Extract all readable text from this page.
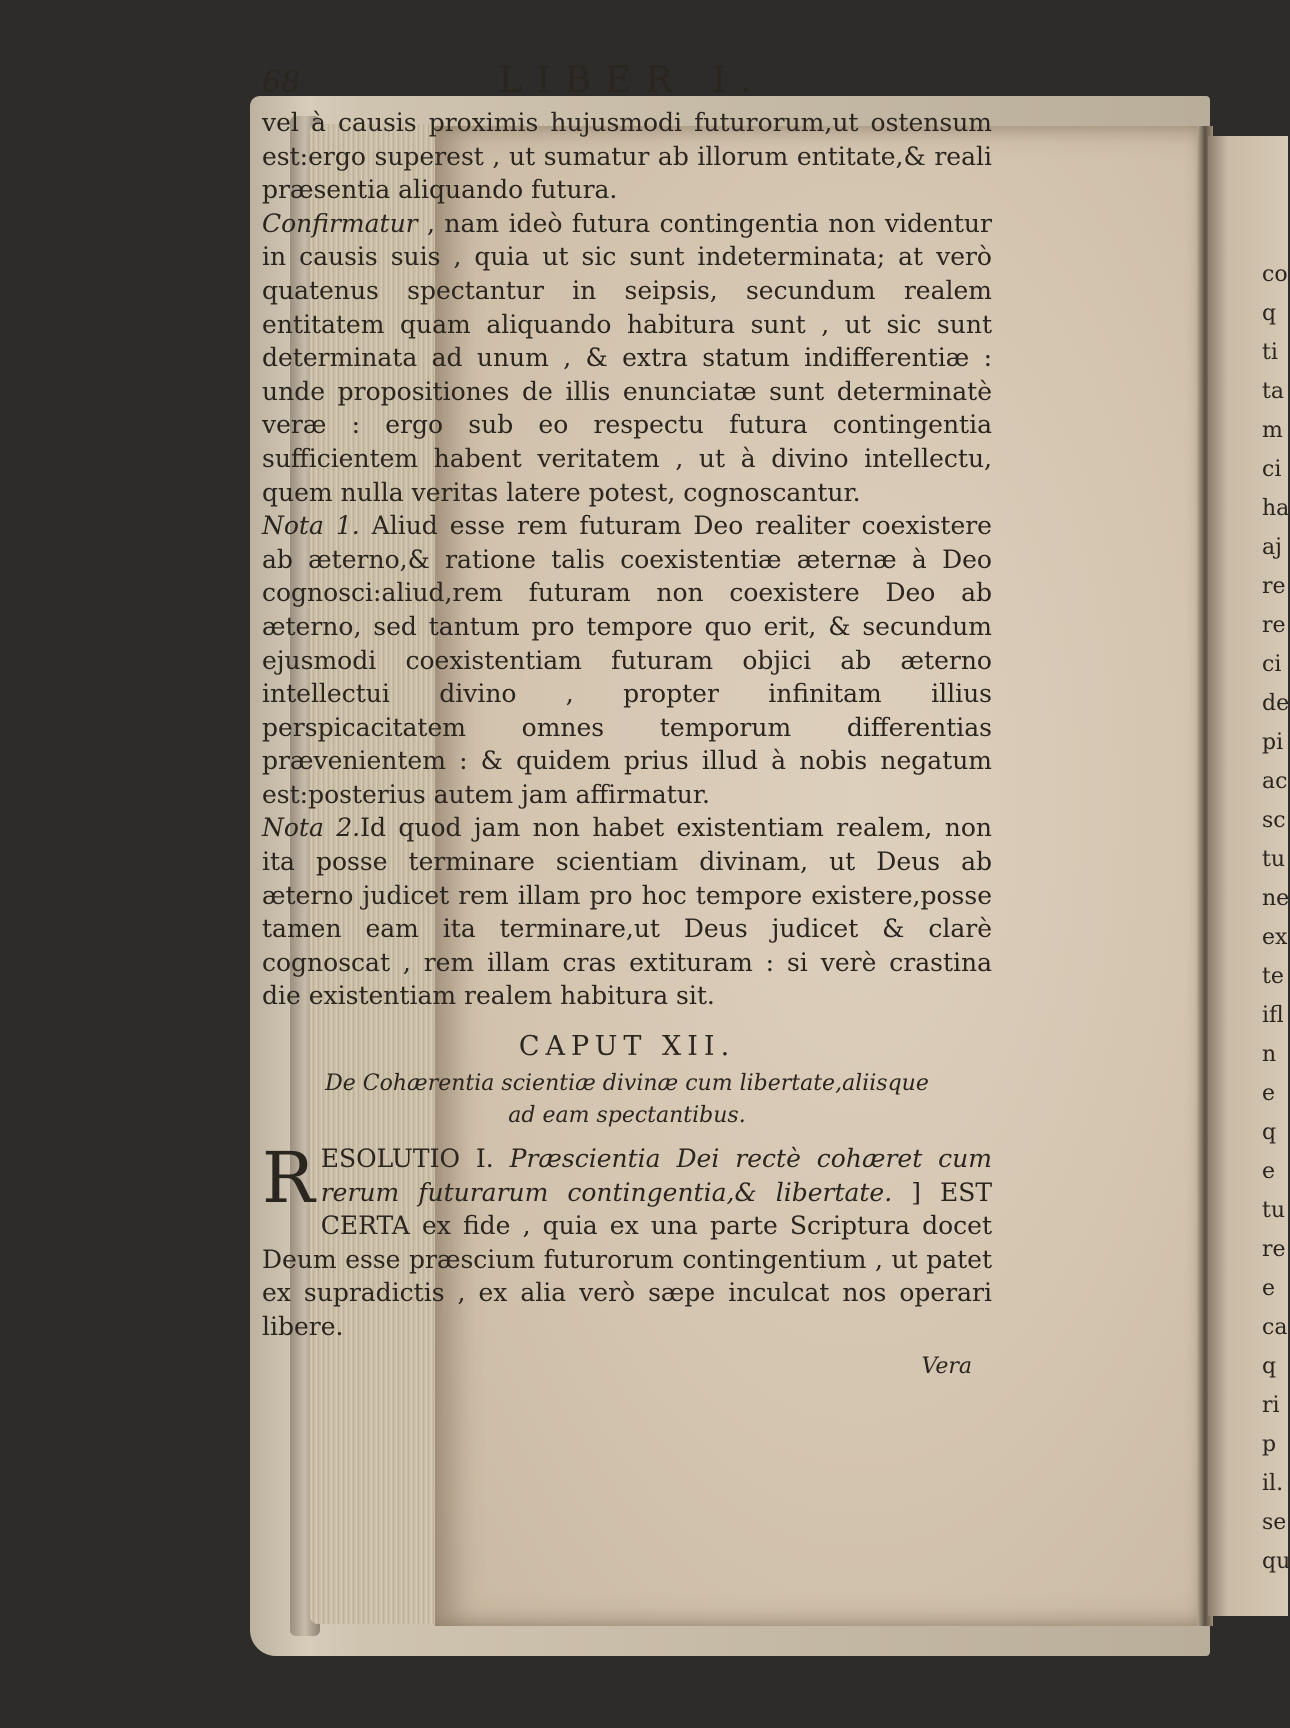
68	LIBER I.

vel à causis proximis hujusmodi futurorum,ut ostensum est:ergo superest , ut sumatur ab illorum entitate,& reali præsentia aliquando futura.

Confirmatur , nam ideò futura contingentia non videntur in causis suis , quia ut sic sunt indeterminata; at verò quatenus spectantur in seipsis, secundum realem entitatem quam aliquando habitura sunt , ut sic sunt determinata ad unum , & extra statum indifferentiæ : unde propositiones de illis enunciatæ sunt determinatè veræ : ergo sub eo respectu futura contingentia sufficientem habent veritatem , ut à divino intellectu, quem nulla veritas latere potest, cognoscantur.

Nota 1. Aliud esse rem futuram Deo realiter coexistere ab æterno,& ratione talis coexistentiæ æternæ à Deo cognosci:aliud,rem futuram non coexistere Deo ab æterno, sed tantum pro tempore quo erit, & secundum ejusmodi coexistentiam futuram objici ab æterno intellectui divino , propter infinitam illius perspicacitatem omnes temporum differentias prævenientem : & quidem prius illud à nobis negatum est:posterius autem jam affirmatur.

Nota 2.Id quod jam non habet existentiam realem, non ita posse terminare scientiam divinam, ut Deus ab æterno judicet rem illam pro hoc tempore existere,posse tamen eam ita terminare,ut Deus judicet & clarè cognoscat , rem illam cras extituram : si verè crastina die existentiam realem habitura sit.

CAPUT XII.
De Cohærentia scientiæ divinæ cum libertate,aliisque
ad eam spectantibus.
RESOLUTIO I. Præscientia Dei rectè cohæret cum rerum futurarum contingentia,& libertate. ] EST CERTA ex fide , quia ex una parte Scriptura docet Deum esse præscium futurorum contingentium , ut patet ex supradictis , ex alia verò sæpe inculcat nos operari libere.
Vera
co
q
ti
ta
m
ci
ha
aj
re
re
ci
de
pi
ac
sc
tu
ne
ex
te
ifl
n
e
q
e
tu
re
e
ca
q
ri
p
il.
se
qu
